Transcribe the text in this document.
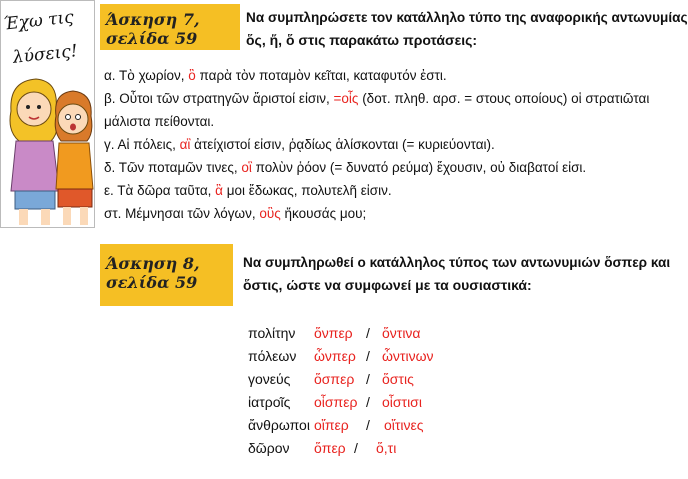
Έχω τις
λύσεις!
Άσκηση 7, σελίδα 59
Να συμπληρώσετε τον κατάλληλο τύπο της αναφορικής αντωνυμίας
ὅς, ἥ, ὅ στις παρακάτω προτάσεις:
α. Τὸ χωρίον, ὃ παρὰ τὸν ποταμὸν κεῖται, καταφυτόν ἐστι.
β. Οὗτοι τῶν στρατηγῶν ἄριστοί εἰσιν, =οἷς (δοτ. πληθ. αρσ. = στους οποίους) οἱ στρατιῶται
μάλιστα πείθονται.
γ. Αἱ πόλεις, αἳ ἀτείχιστοί εἰσιν, ῥᾳδίως ἁλίσκονται (= κυριεύονται).
δ. Τῶν ποταμῶν τινες, οἳ πολὺν ῥόον (= δυνατό ρεύμα) ἔχουσιν, οὐ διαβατοί εἰσι.
ε. Τὰ δῶρα ταῦτα, ἃ μοι ἔδωκας, πολυτελῆ εἰσιν.
στ. Μέμνησαι τῶν λόγων, οὓς ἤκουσάς μου;
Άσκηση 8, σελίδα 59
Να συμπληρωθεί ο κατάλληλος τύπος των αντωνυμιών ὅσπερ και
ὅστις, ώστε να συμφωνεί με τα ουσιαστικά:
πολίτην ὅνπερ / ὅντινα
πόλεων ὧνπερ / ὧντινων
γονεύς ὅσπερ / ὅστις
ἰατροῖς οἷσπερ / οἷστισι
ἄνθρωποι οἵπερ / οἵτινες
δῶρον ὅπερ / ὅ,τι
